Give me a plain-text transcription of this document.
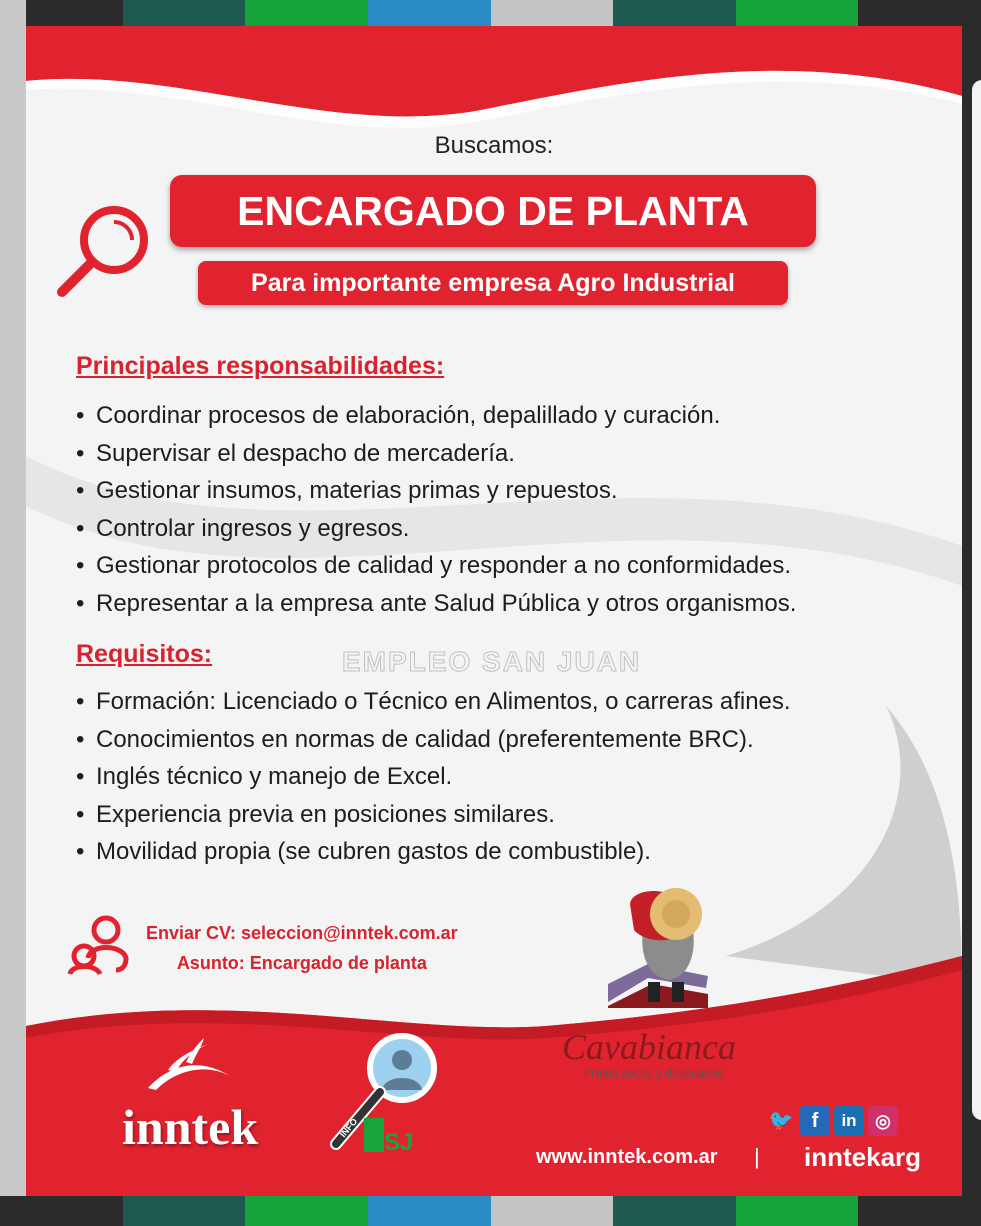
Buscamos:
ENCARGADO DE PLANTA
Para importante empresa Agro Industrial
Principales responsabilidades:
• Coordinar procesos de elaboración, depalillado y curación.
• Supervisar el despacho de mercadería.
• Gestionar insumos, materias primas y repuestos.
• Controlar ingresos y egresos.
• Gestionar protocolos de calidad y responder a no conformidades.
• Representar a la empresa ante Salud Pública y otros organismos.
Requisitos:	EMPLEO SAN JUAN
• Formación: Licenciado o Técnico en Alimentos, o carreras afines.
• Conocimientos en normas de calidad (preferentemente BRC).
• Inglés técnico y manejo de Excel.
• Experiencia previa en posiciones similares.
• Movilidad propia (se cubren gastos de combustible).
Enviar CV: seleccion@inntek.com.ar
Asunto: Encargado de planta
inntek	INFO
SJ
Cavabianca
Frutos secos y desecados
🐦 f	in	◎
www.inntek.com.ar | inntekarg
